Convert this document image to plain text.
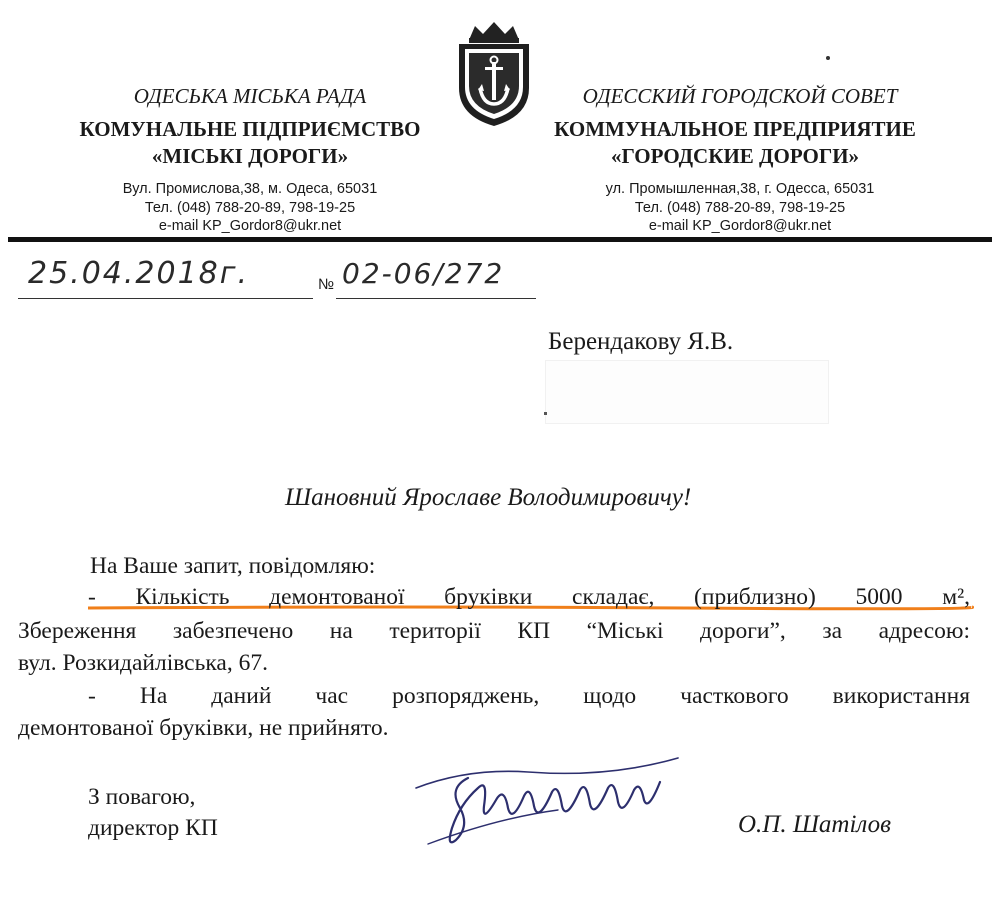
ОДЕСЬКА МІСЬКА РАДА
КОМУНАЛЬНЕ ПІДПРИЄМСТВО
«МІСЬКІ ДОРОГИ»
Вул. Промислова,38, м. Одеса, 65031
Тел. (048) 788-20-89, 798-19-25
e-mail KP_Gordor8@ukr.net
ОДЕССКИЙ ГОРОДСКОЙ СОВЕТ
КОММУНАЛЬНОЕ ПРЕДПРИЯТИЕ
«ГОРОДСКИЕ ДОРОГИ»
ул. Промышленная,38, г. Одесса, 65031
Тел. (048) 788-20-89, 798-19-25
e-mail KP_Gordor8@ukr.net
25.04.2018г.	№ 02-06/272
Берендакову Я.В.
Шановний Ярославе Володимировичу!
На Ваше запит, повідомляю:
- Кількість демонтованої бруківки складає, (приблизно) 5000 м²,
Збереження забезпечено на території КП “Міські дороги”, за адресою:
вул. Розкидайлівська, 67.
- На даний час розпоряджень, щодо часткового використання
демонтованої бруківки, не прийнято.
З повагою,
директор КП	О.П. Шатілов
